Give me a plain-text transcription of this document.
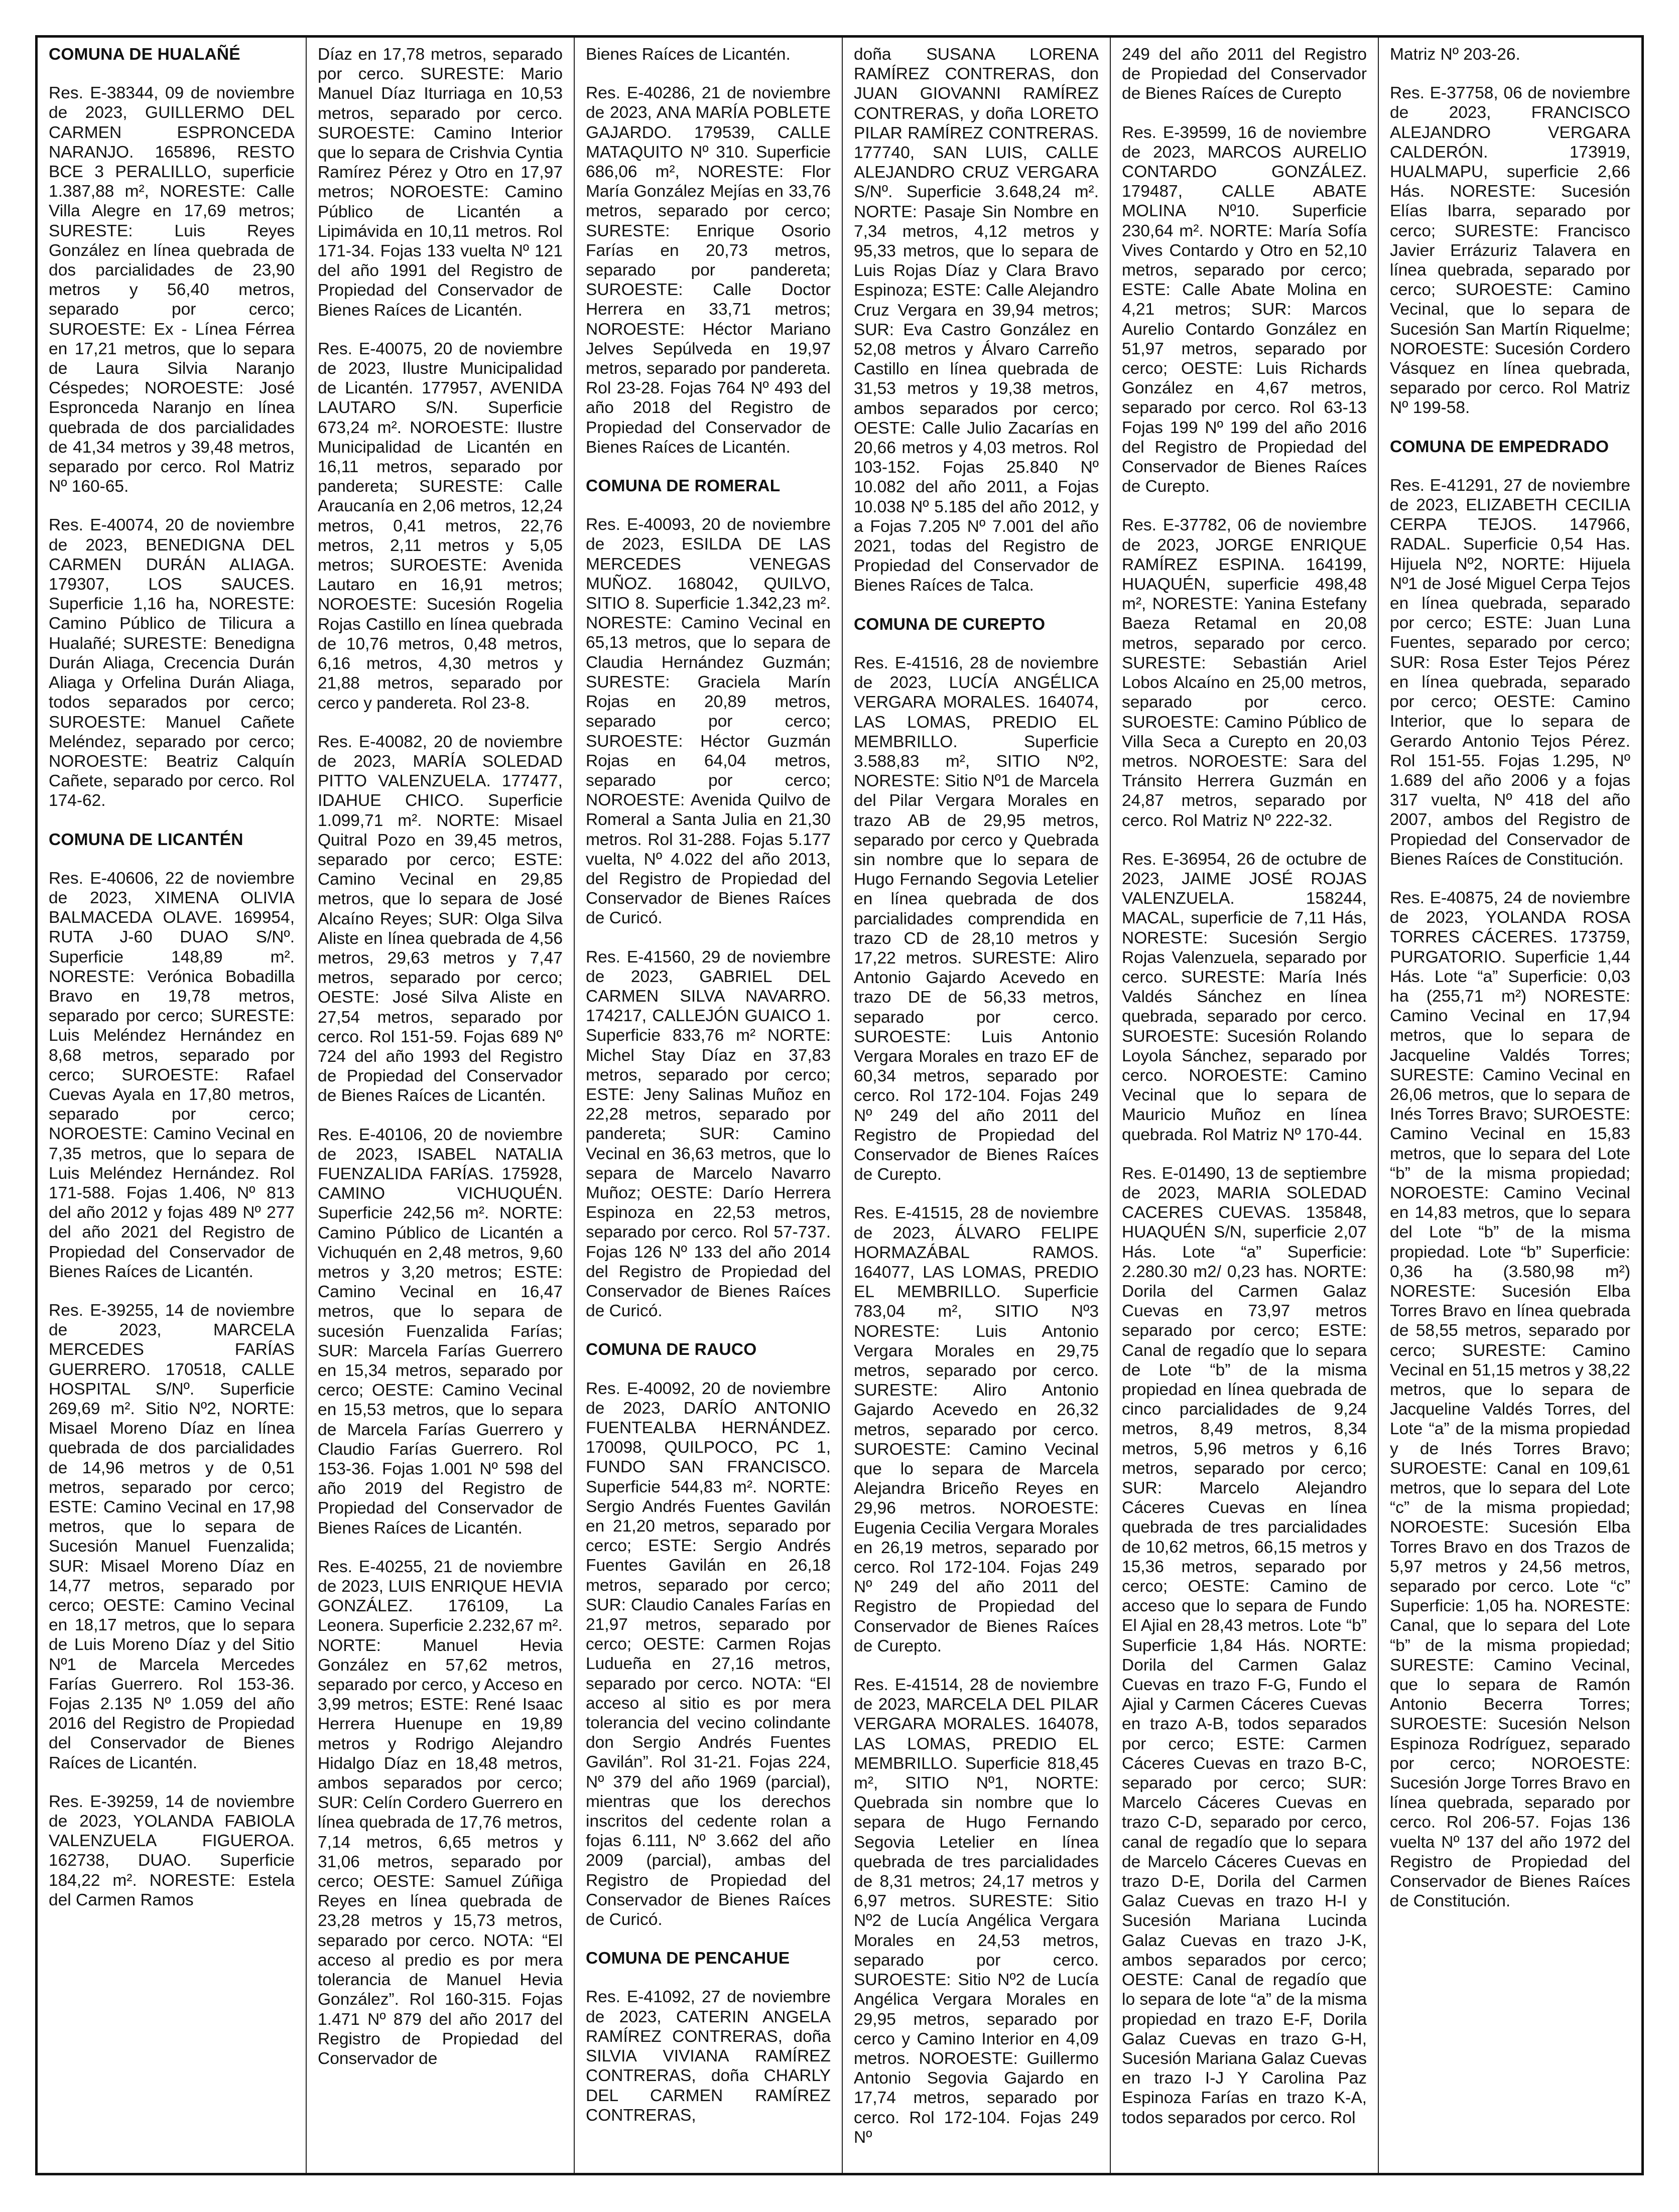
COMUNA DE HUALAÑÉ

Res. E-38344, 09 de noviembre de 2023, GUILLERMO DEL CARMEN ESPRONCEDA NARANJO. 165896, RESTO BCE 3 PERALILLO, superficie 1.387,88 m², NORESTE: Calle Villa Alegre en 17,69 metros; SURESTE: Luis Reyes González en línea quebrada de dos parcialidades de 23,90 metros y 56,40 metros, separado por cerco; SUROESTE: Ex - Línea Férrea en 17,21 metros, que lo separa de Laura Silvia Naranjo Céspedes; NOROESTE: José Espronceda Naranjo en línea quebrada de dos parcialidades de 41,34 metros y 39,48 metros, separado por cerco. Rol Matriz Nº 160-65.

Res. E-40074, 20 de noviembre de 2023, BENEDIGNA DEL CARMEN DURÁN ALIAGA. 179307, LOS SAUCES. Superficie 1,16 ha, NORESTE: Camino Público de Tilicura a Hualañé; SURESTE: Benedigna Durán Aliaga, Crecencia Durán Aliaga y Orfelina Durán Aliaga, todos separados por cerco; SUROESTE: Manuel Cañete Meléndez, separado por cerco; NOROESTE: Beatriz Calquín Cañete, separado por cerco. Rol 174-62.

COMUNA DE LICANTÉN

Res. E-40606, 22 de noviembre de 2023, XIMENA OLIVIA BALMACEDA OLAVE. 169954, RUTA J-60 DUAO S/Nº. Superficie 148,89 m². NORESTE: Verónica Bobadilla Bravo en 19,78 metros, separado por cerco; SURESTE: Luis Meléndez Hernández en 8,68 metros, separado por cerco; SUROESTE: Rafael Cuevas Ayala en 17,80 metros, separado por cerco; NOROESTE: Camino Vecinal en 7,35 metros, que lo separa de Luis Meléndez Hernández. Rol 171-588. Fojas 1.406, Nº 813 del año 2012 y fojas 489 Nº 277 del año 2021 del Registro de Propiedad del Conservador de Bienes Raíces de Licantén.

Res. E-39255, 14 de noviembre de 2023, MARCELA MERCEDES FARÍAS GUERRERO. 170518, CALLE HOSPITAL S/Nº. Superficie 269,69 m². Sitio Nº2, NORTE: Misael Moreno Díaz en línea quebrada de dos parcialidades de 14,96 metros y de 0,51 metros, separado por cerco; ESTE: Camino Vecinal en 17,98 metros, que lo separa de Sucesión Manuel Fuenzalida; SUR: Misael Moreno Díaz en 14,77 metros, separado por cerco; OESTE: Camino Vecinal en 18,17 metros, que lo separa de Luis Moreno Díaz y del Sitio Nº1 de Marcela Mercedes Farías Guerrero. Rol 153-36. Fojas 2.135 Nº 1.059 del año 2016 del Registro de Propiedad del Conservador de Bienes Raíces de Licantén.

Res. E-39259, 14 de noviembre de 2023, YOLANDA FABIOLA VALENZUELA FIGUEROA. 162738, DUAO. Superficie 184,22 m². NORESTE: Estela del Carmen Ramos

Díaz en 17,78 metros, separado por cerco. SURESTE: Mario Manuel Díaz Iturriaga en 10,53 metros, separado por cerco. SUROESTE: Camino Interior que lo separa de Crishvia Cyntia Ramírez Pérez y Otro en 17,97 metros; NOROESTE: Camino Público de Licantén a Lipimávida en 10,11 metros. Rol 171-34. Fojas 133 vuelta Nº 121 del año 1991 del Registro de Propiedad del Conservador de Bienes Raíces de Licantén.

Res. E-40075, 20 de noviembre de 2023, Ilustre Municipalidad de Licantén. 177957, AVENIDA LAUTARO S/N. Superficie 673,24 m². NOROESTE: Ilustre Municipalidad de Licantén en 16,11 metros, separado por pandereta; SURESTE: Calle Araucanía en 2,06 metros, 12,24 metros, 0,41 metros, 22,76 metros, 2,11 metros y 5,05 metros; SUROESTE: Avenida Lautaro en 16,91 metros; NOROESTE: Sucesión Rogelia Rojas Castillo en línea quebrada de 10,76 metros, 0,48 metros, 6,16 metros, 4,30 metros y 21,88 metros, separado por cerco y pandereta. Rol 23-8.

Res. E-40082, 20 de noviembre de 2023, MARÍA SOLEDAD PITTO VALENZUELA. 177477, IDAHUE CHICO. Superficie 1.099,71 m². NORTE: Misael Quitral Pozo en 39,45 metros, separado por cerco; ESTE: Camino Vecinal en 29,85 metros, que lo separa de José Alcaíno Reyes; SUR: Olga Silva Aliste en línea quebrada de 4,56 metros, 29,63 metros y 7,47 metros, separado por cerco; OESTE: José Silva Aliste en 27,54 metros, separado por cerco. Rol 151-59. Fojas 689 Nº 724 del año 1993 del Registro de Propiedad del Conservador de Bienes Raíces de Licantén.

Res. E-40106, 20 de noviembre de 2023, ISABEL NATALIA FUENZALIDA FARÍAS. 175928, CAMINO VICHUQUÉN. Superficie 242,56 m². NORTE: Camino Público de Licantén a Vichuquén en 2,48 metros, 9,60 metros y 3,20 metros; ESTE: Camino Vecinal en 16,47 metros, que lo separa de sucesión Fuenzalida Farías; SUR: Marcela Farías Guerrero en 15,34 metros, separado por cerco; OESTE: Camino Vecinal en 15,53 metros, que lo separa de Marcela Farías Guerrero y Claudio Farías Guerrero. Rol 153-36. Fojas 1.001 Nº 598 del año 2019 del Registro de Propiedad del Conservador de Bienes Raíces de Licantén.

Res. E-40255, 21 de noviembre de 2023, LUIS ENRIQUE HEVIA GONZÁLEZ. 176109, La Leonera. Superficie 2.232,67 m². NORTE: Manuel Hevia González en 57,62 metros, separado por cerco, y Acceso en 3,99 metros; ESTE: René Isaac Herrera Huenupe en 19,89 metros y Rodrigo Alejandro Hidalgo Díaz en 18,48 metros, ambos separados por cerco; SUR: Celín Cordero Guerrero en línea quebrada de 17,76 metros, 7,14 metros, 6,65 metros y 31,06 metros, separado por cerco; OESTE: Samuel Zúñiga Reyes en línea quebrada de 23,28 metros y 15,73 metros, separado por cerco. NOTA: “El acceso al predio es por mera tolerancia de Manuel Hevia González”. Rol 160-315. Fojas 1.471 Nº 879 del año 2017 del Registro de Propiedad del Conservador de

Bienes Raíces de Licantén.

Res. E-40286, 21 de noviembre de 2023, ANA MARÍA POBLETE GAJARDO. 179539, CALLE MATAQUITO Nº 310. Superficie 686,06 m², NORESTE: Flor María González Mejías en 33,76 metros, separado por cerco; SURESTE: Enrique Osorio Farías en 20,73 metros, separado por pandereta; SUROESTE: Calle Doctor Herrera en 33,71 metros; NOROESTE: Héctor Mariano Jelves Sepúlveda en 19,97 metros, separado por pandereta. Rol 23-28. Fojas 764 Nº 493 del año 2018 del Registro de Propiedad del Conservador de Bienes Raíces de Licantén.

COMUNA DE ROMERAL

Res. E-40093, 20 de noviembre de 2023, ESILDA DE LAS MERCEDES VENEGAS MUÑOZ. 168042, QUILVO, SITIO 8. Superficie 1.342,23 m². NORESTE: Camino Vecinal en 65,13 metros, que lo separa de Claudia Hernández Guzmán; SURESTE: Graciela Marín Rojas en 20,89 metros, separado por cerco; SUROESTE: Héctor Guzmán Rojas en 64,04 metros, separado por cerco; NOROESTE: Avenida Quilvo de Romeral a Santa Julia en 21,30 metros. Rol 31-288. Fojas 5.177 vuelta, Nº 4.022 del año 2013, del Registro de Propiedad del Conservador de Bienes Raíces de Curicó.

Res. E-41560, 29 de noviembre de 2023, GABRIEL DEL CARMEN SILVA NAVARRO. 174217, CALLEJÓN GUAICO 1. Superficie 833,76 m² NORTE: Michel Stay Díaz en 37,83 metros, separado por cerco; ESTE: Jeny Salinas Muñoz en 22,28 metros, separado por pandereta; SUR: Camino Vecinal en 36,63 metros, que lo separa de Marcelo Navarro Muñoz; OESTE: Darío Herrera Espinoza en 22,53 metros, separado por cerco. Rol 57-737. Fojas 126 Nº 133 del año 2014 del Registro de Propiedad del Conservador de Bienes Raíces de Curicó.

COMUNA DE RAUCO

Res. E-40092, 20 de noviembre de 2023, DARÍO ANTONIO FUENTEALBA HERNÁNDEZ. 170098, QUILPOCO, PC 1, FUNDO SAN FRANCISCO. Superficie 544,83 m². NORTE: Sergio Andrés Fuentes Gavilán en 21,20 metros, separado por cerco; ESTE: Sergio Andrés Fuentes Gavilán en 26,18 metros, separado por cerco; SUR: Claudio Canales Farías en 21,97 metros, separado por cerco; OESTE: Carmen Rojas Ludueña en 27,16 metros, separado por cerco. NOTA: “El acceso al sitio es por mera tolerancia del vecino colindante don Sergio Andrés Fuentes Gavilán”. Rol 31-21. Fojas 224, Nº 379 del año 1969 (parcial), mientras que los derechos inscritos del cedente rolan a fojas 6.111, Nº 3.662 del año 2009 (parcial), ambas del Registro de Propiedad del Conservador de Bienes Raíces de Curicó.

COMUNA DE PENCAHUE

Res. E-41092, 27 de noviembre de 2023, CATERIN ANGELA RAMÍREZ CONTRERAS, doña SILVIA VIVIANA RAMÍREZ CONTRERAS, doña CHARLY DEL CARMEN RAMÍREZ CONTRERAS,

doña SUSANA LORENA RAMÍREZ CONTRERAS, don JUAN GIOVANNI RAMÍREZ CONTRERAS, y doña LORETO PILAR RAMÍREZ CONTRERAS. 177740, SAN LUIS, CALLE ALEJANDRO CRUZ VERGARA S/Nº. Superficie 3.648,24 m². NORTE: Pasaje Sin Nombre en 7,34 metros, 4,12 metros y 95,33 metros, que lo separa de Luis Rojas Díaz y Clara Bravo Espinoza; ESTE: Calle Alejandro Cruz Vergara en 39,94 metros; SUR: Eva Castro González en 52,08 metros y Álvaro Carreño Castillo en línea quebrada de 31,53 metros y 19,38 metros, ambos separados por cerco; OESTE: Calle Julio Zacarías en 20,66 metros y 4,03 metros. Rol 103-152. Fojas 25.840 Nº 10.082 del año 2011, a Fojas 10.038 Nº 5.185 del año 2012, y a Fojas 7.205 Nº 7.001 del año 2021, todas del Registro de Propiedad del Conservador de Bienes Raíces de Talca.

COMUNA DE CUREPTO

Res. E-41516, 28 de noviembre de 2023, LUCÍA ANGÉLICA VERGARA MORALES. 164074, LAS LOMAS, PREDIO EL MEMBRILLO. Superficie 3.588,83 m², SITIO Nº2, NORESTE: Sitio Nº1 de Marcela del Pilar Vergara Morales en trazo AB de 29,95 metros, separado por cerco y Quebrada sin nombre que lo separa de Hugo Fernando Segovia Letelier en línea quebrada de dos parcialidades comprendida en trazo CD de 28,10 metros y 17,22 metros. SURESTE: Aliro Antonio Gajardo Acevedo en trazo DE de 56,33 metros, separado por cerco. SUROESTE: Luis Antonio Vergara Morales en trazo EF de 60,34 metros, separado por cerco. Rol 172-104. Fojas 249 Nº 249 del año 2011 del Registro de Propiedad del Conservador de Bienes Raíces de Curepto.

Res. E-41515, 28 de noviembre de 2023, ÁLVARO FELIPE HORMAZÁBAL RAMOS. 164077, LAS LOMAS, PREDIO EL MEMBRILLO. Superficie 783,04 m², SITIO Nº3 NORESTE: Luis Antonio Vergara Morales en 29,75 metros, separado por cerco. SURESTE: Aliro Antonio Gajardo Acevedo en 26,32 metros, separado por cerco. SUROESTE: Camino Vecinal que lo separa de Marcela Alejandra Briceño Reyes en 29,96 metros. NOROESTE: Eugenia Cecilia Vergara Morales en 26,19 metros, separado por cerco. Rol 172-104. Fojas 249 Nº 249 del año 2011 del Registro de Propiedad del Conservador de Bienes Raíces de Curepto.

Res. E-41514, 28 de noviembre de 2023, MARCELA DEL PILAR VERGARA MORALES. 164078, LAS LOMAS, PREDIO EL MEMBRILLO. Superficie 818,45 m², SITIO Nº1, NORTE: Quebrada sin nombre que lo separa de Hugo Fernando Segovia Letelier en línea quebrada de tres parcialidades de 8,31 metros; 24,17 metros y 6,97 metros. SURESTE: Sitio Nº2 de Lucía Angélica Vergara Morales en 24,53 metros, separado por cerco. SUROESTE: Sitio Nº2 de Lucía Angélica Vergara Morales en 29,95 metros, separado por cerco y Camino Interior en 4,09 metros. NOROESTE: Guillermo Antonio Segovia Gajardo en 17,74 metros, separado por cerco. Rol 172-104. Fojas 249 Nº

249 del año 2011 del Registro de Propiedad del Conservador de Bienes Raíces de Curepto

Res. E-39599, 16 de noviembre de 2023, MARCOS AURELIO CONTARDO GONZÁLEZ. 179487, CALLE ABATE MOLINA Nº10. Superficie 230,64 m². NORTE: María Sofía Vives Contardo y Otro en 52,10 metros, separado por cerco; ESTE: Calle Abate Molina en 4,21 metros; SUR: Marcos Aurelio Contardo González en 51,97 metros, separado por cerco; OESTE: Luis Richards González en 4,67 metros, separado por cerco. Rol 63-13 Fojas 199 Nº 199 del año 2016 del Registro de Propiedad del Conservador de Bienes Raíces de Curepto.

Res. E-37782, 06 de noviembre de 2023, JORGE ENRIQUE RAMÍREZ ESPINA. 164199, HUAQUÉN, superficie 498,48 m², NORESTE: Yanina Estefany Baeza Retamal en 20,08 metros, separado por cerco. SURESTE: Sebastián Ariel Lobos Alcaíno en 25,00 metros, separado por cerco. SUROESTE: Camino Público de Villa Seca a Curepto en 20,03 metros. NOROESTE: Sara del Tránsito Herrera Guzmán en 24,87 metros, separado por cerco. Rol Matriz Nº 222-32.

Res. E-36954, 26 de octubre de 2023, JAIME JOSÉ ROJAS VALENZUELA. 158244, MACAL, superficie de 7,11 Hás, NORESTE: Sucesión Sergio Rojas Valenzuela, separado por cerco. SURESTE: María Inés Valdés Sánchez en línea quebrada, separado por cerco. SUROESTE: Sucesión Rolando Loyola Sánchez, separado por cerco. NOROESTE: Camino Vecinal que lo separa de Mauricio Muñoz en línea quebrada. Rol Matriz Nº 170-44.

Res. E-01490, 13 de septiembre de 2023, MARIA SOLEDAD CACERES CUEVAS. 135848, HUAQUÉN S/N, superficie 2,07 Hás. Lote “a” Superficie: 2.280.30 m2/ 0,23 has. NORTE: Dorila del Carmen Galaz Cuevas en 73,97 metros separado por cerco; ESTE: Canal de regadío que lo separa de Lote “b” de la misma propiedad en línea quebrada de cinco parcialidades de 9,24 metros, 8,49 metros, 8,34 metros, 5,96 metros y 6,16 metros, separado por cerco; SUR: Marcelo Alejandro Cáceres Cuevas en línea quebrada de tres parcialidades de 10,62 metros, 66,15 metros y 15,36 metros, separado por cerco; OESTE: Camino de acceso que lo separa de Fundo El Ajial en 28,43 metros. Lote “b” Superficie 1,84 Hás. NORTE: Dorila del Carmen Galaz Cuevas en trazo F-G, Fundo el Ajial y Carmen Cáceres Cuevas en trazo A-B, todos separados por cerco; ESTE: Carmen Cáceres Cuevas en trazo B-C, separado por cerco; SUR: Marcelo Cáceres Cuevas en trazo C-D, separado por cerco, canal de regadío que lo separa de Marcelo Cáceres Cuevas en trazo D-E, Dorila del Carmen Galaz Cuevas en trazo H-I y Sucesión Mariana Lucinda Galaz Cuevas en trazo J-K, ambos separados por cerco; OESTE: Canal de regadío que lo separa de lote “a” de la misma propiedad en trazo E-F, Dorila Galaz Cuevas en trazo G-H, Sucesión Mariana Galaz Cuevas en trazo I-J Y Carolina Paz Espinoza Farías en trazo K-A, todos separados por cerco. Rol

Matriz Nº 203-26.

Res. E-37758, 06 de noviembre de 2023, FRANCISCO ALEJANDRO VERGARA CALDERÓN. 173919, HUALMAPU, superficie 2,66 Hás. NORESTE: Sucesión Elías Ibarra, separado por cerco; SURESTE: Francisco Javier Errázuriz Talavera en línea quebrada, separado por cerco; SUROESTE: Camino Vecinal, que lo separa de Sucesión San Martín Riquelme; NOROESTE: Sucesión Cordero Vásquez en línea quebrada, separado por cerco. Rol Matriz Nº 199-58.

COMUNA DE EMPEDRADO

Res. E-41291, 27 de noviembre de 2023, ELIZABETH CECILIA CERPA TEJOS. 147966, RADAL. Superficie 0,54 Has. Hijuela Nº2, NORTE: Hijuela Nº1 de José Miguel Cerpa Tejos en línea quebrada, separado por cerco; ESTE: Juan Luna Fuentes, separado por cerco; SUR: Rosa Ester Tejos Pérez en línea quebrada, separado por cerco; OESTE: Camino Interior, que lo separa de Gerardo Antonio Tejos Pérez. Rol 151-55. Fojas 1.295, Nº 1.689 del año 2006 y a fojas 317 vuelta, Nº 418 del año 2007, ambos del Registro de Propiedad del Conservador de Bienes Raíces de Constitución.

Res. E-40875, 24 de noviembre de 2023, YOLANDA ROSA TORRES CÁCERES. 173759, PURGATORIO. Superficie 1,44 Hás. Lote “a” Superficie: 0,03 ha (255,71 m²) NORESTE: Camino Vecinal en 17,94 metros, que lo separa de Jacqueline Valdés Torres; SURESTE: Camino Vecinal en 26,06 metros, que lo separa de Inés Torres Bravo; SUROESTE: Camino Vecinal en 15,83 metros, que lo separa del Lote “b” de la misma propiedad; NOROESTE: Camino Vecinal en 14,83 metros, que lo separa del Lote “b” de la misma propiedad. Lote “b” Superficie: 0,36 ha (3.580,98 m²) NORESTE: Sucesión Elba Torres Bravo en línea quebrada de 58,55 metros, separado por cerco; SURESTE: Camino Vecinal en 51,15 metros y 38,22 metros, que lo separa de Jacqueline Valdés Torres, del Lote “a” de la misma propiedad y de Inés Torres Bravo; SUROESTE: Canal en 109,61 metros, que lo separa del Lote “c” de la misma propiedad; NOROESTE: Sucesión Elba Torres Bravo en dos Trazos de 5,97 metros y 24,56 metros, separado por cerco. Lote “c” Superficie: 1,05 ha. NORESTE: Canal, que lo separa del Lote “b” de la misma propiedad; SURESTE: Camino Vecinal, que lo separa de Ramón Antonio Becerra Torres; SUROESTE: Sucesión Nelson Espinoza Rodríguez, separado por cerco; NOROESTE: Sucesión Jorge Torres Bravo en línea quebrada, separado por cerco. Rol 206-57. Fojas 136 vuelta Nº 137 del año 1972 del Registro de Propiedad del Conservador de Bienes Raíces de Constitución.
